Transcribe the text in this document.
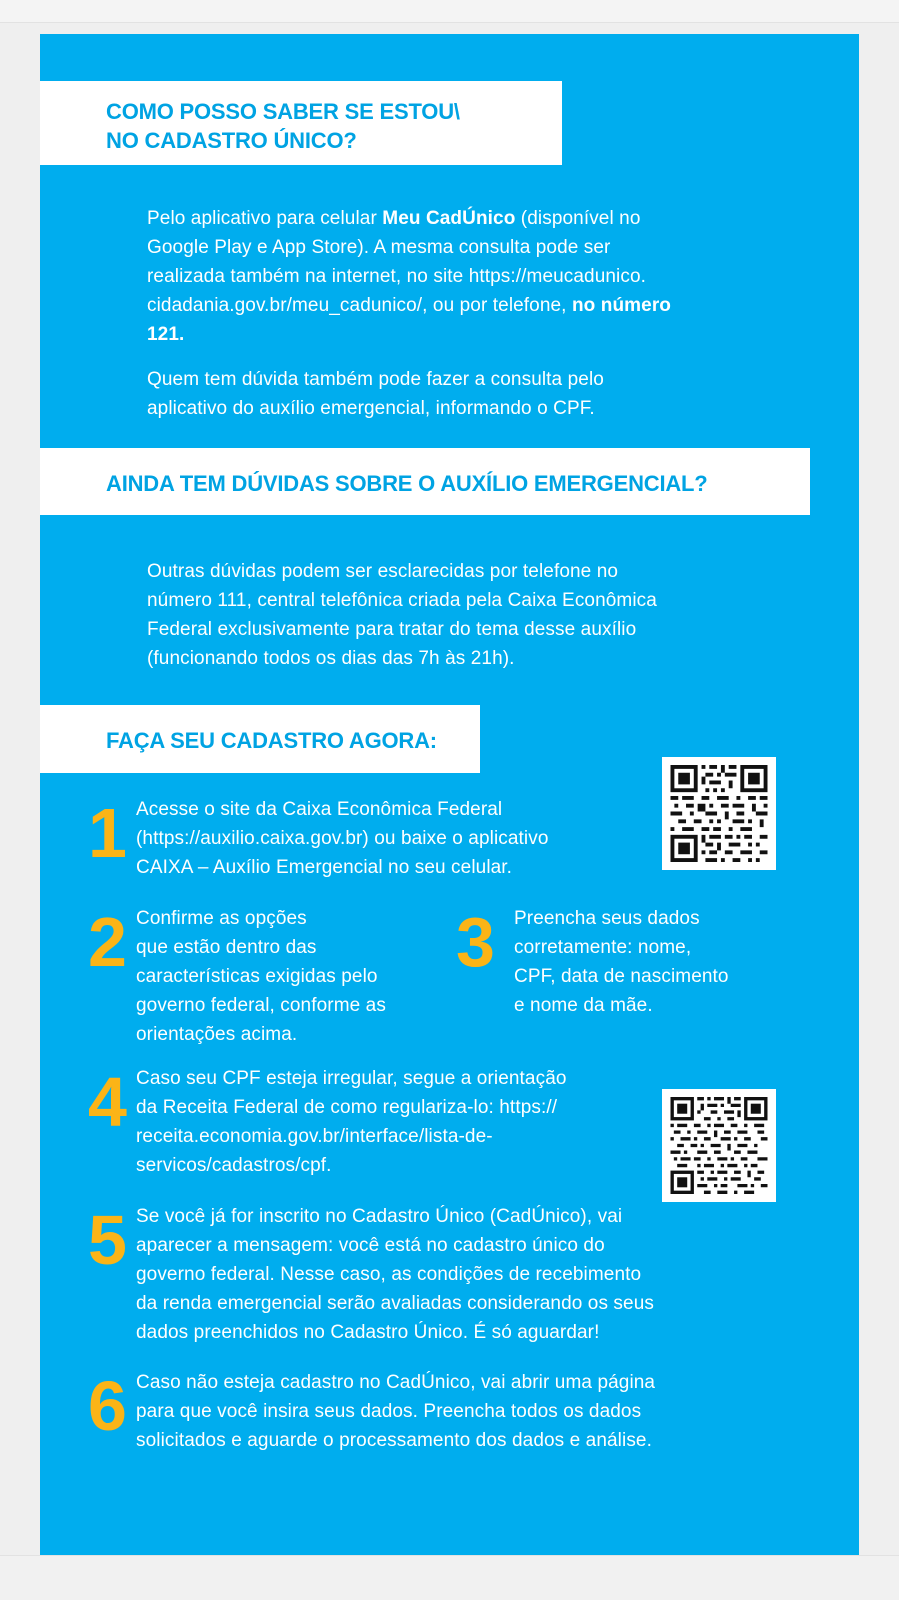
COMO POSSO SABER SE ESTOU\
NO CADASTRO ÚNICO?
Pelo aplicativo para celular Meu CadÚnico (disponível no
Google Play e App Store). A mesma consulta pode ser
realizada também na internet, no site https://meucadunico.
cidadania.gov.br/meu_cadunico/, ou por telefone, no número
121.
Quem tem dúvida também pode fazer a consulta pelo
aplicativo do auxílio emergencial, informando o CPF.
AINDA TEM DÚVIDAS SOBRE O AUXÍLIO EMERGENCIAL?
Outras dúvidas podem ser esclarecidas por telefone no
número 111, central telefônica criada pela Caixa Econômica
Federal exclusivamente para tratar do tema desse auxílio
(funcionando todos os dias das 7h às 21h).
FAÇA SEU CADASTRO AGORA:
1 Acesse o site da Caixa Econômica Federal
(https://auxilio.caixa.gov.br) ou baixe o aplicativo
CAIXA – Auxílio Emergencial no seu celular.
2 Confirme as opções
que estão dentro das
características exigidas pelo
governo federal, conforme as
orientações acima.
3 Preencha seus dados
corretamente: nome,
CPF, data de nascimento
e nome da mãe.
4 Caso seu CPF esteja irregular, segue a orientação
da Receita Federal de como regulariza-lo: https://
receita.economia.gov.br/interface/lista-de-
servicos/cadastros/cpf.
5 Se você já for inscrito no Cadastro Único (CadÚnico), vai
aparecer a mensagem: você está no cadastro único do
governo federal. Nesse caso, as condições de recebimento
da renda emergencial serão avaliadas considerando os seus
dados preenchidos no Cadastro Único. É só aguardar!
6 Caso não esteja cadastro no CadÚnico, vai abrir uma página
para que você insira seus dados. Preencha todos os dados
solicitados e aguarde o processamento dos dados e análise.
